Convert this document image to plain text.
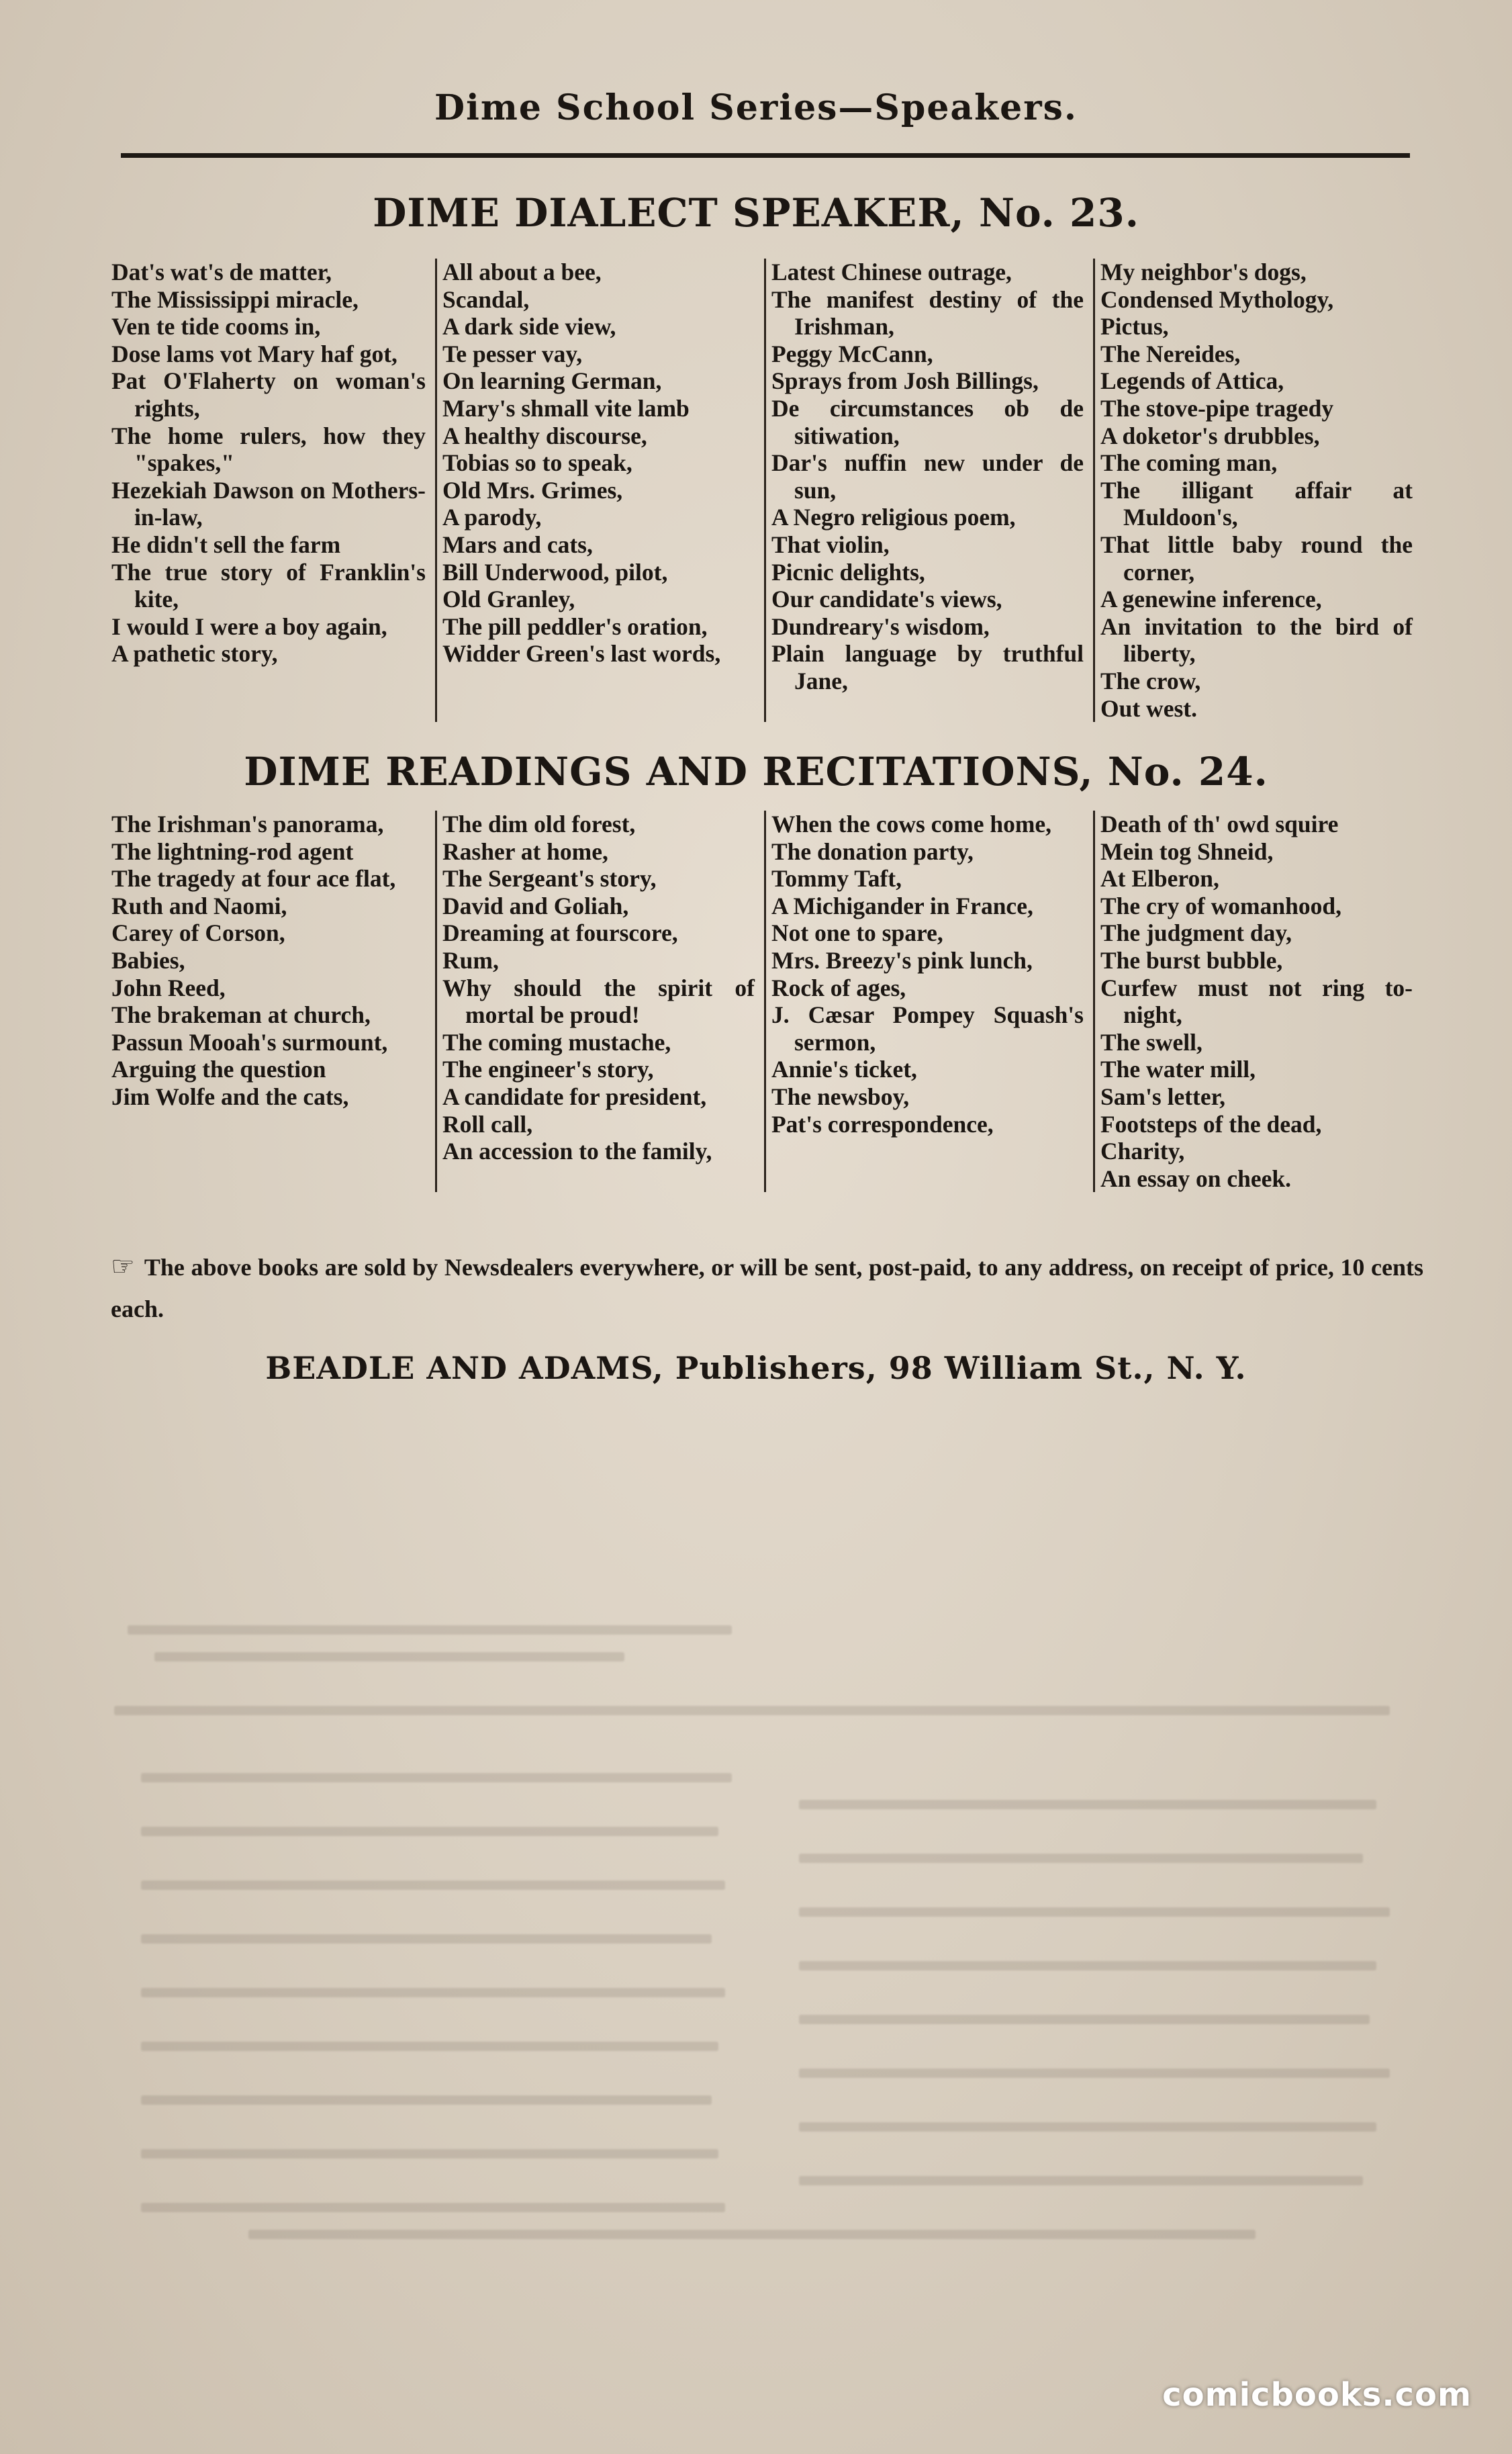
Dime School Series—Speakers.
DIME DIALECT SPEAKER, No. 23.
Dat's wat's de matter,
The Mississippi miracle,
Ven te tide cooms in,
Dose lams vot Mary haf got,
Pat O'Flaherty on woman's rights,
The home rulers, how they "spakes,"
Hezekiah Dawson on Mothers-in-law,
He didn't sell the farm
The true story of Franklin's kite,
I would I were a boy again,
A pathetic story,
All about a bee,
Scandal,
A dark side view,
Te pesser vay,
On learning German,
Mary's shmall vite lamb
A healthy discourse,
Tobias so to speak,
Old Mrs. Grimes,
A parody,
Mars and cats,
Bill Underwood, pilot,
Old Granley,
The pill peddler's oration,
Widder Green's last words,
Latest Chinese outrage,
The manifest destiny of the Irishman,
Peggy McCann,
Sprays from Josh Billings,
De circumstances ob de sitiwation,
Dar's nuffin new under de sun,
A Negro religious poem,
That violin,
Picnic delights,
Our candidate's views,
Dundreary's wisdom,
Plain language by truthful Jane,
My neighbor's dogs,
Condensed Mythology,
Pictus,
The Nereides,
Legends of Attica,
The stove-pipe tragedy
A doketor's drubbles,
The coming man,
The illigant affair at Muldoon's,
That little baby round the corner,
A genewine inference,
An invitation to the bird of liberty,
The crow,
Out west.
DIME READINGS AND RECITATIONS, No. 24.
The Irishman's panorama,
The lightning-rod agent
The tragedy at four ace flat,
Ruth and Naomi,
Carey of Corson,
Babies,
John Reed,
The brakeman at church,
Passun Mooah's surmount,
Arguing the question
Jim Wolfe and the cats,
The dim old forest,
Rasher at home,
The Sergeant's story,
David and Goliah,
Dreaming at fourscore,
Rum,
Why should the spirit of mortal be proud!
The coming mustache,
The engineer's story,
A candidate for president,
Roll call,
An accession to the family,
When the cows come home,
The donation party,
Tommy Taft,
A Michigander in France,
Not one to spare,
Mrs. Breezy's pink lunch,
Rock of ages,
J. Cæsar Pompey Squash's sermon,
Annie's ticket,
The newsboy,
Pat's correspondence,
Death of th' owd squire
Mein tog Shneid,
At Elberon,
The cry of womanhood,
The judgment day,
The burst bubble,
Curfew must not ring to-night,
The swell,
The water mill,
Sam's letter,
Footsteps of the dead,
Charity,
An essay on cheek.
☞ The above books are sold by Newsdealers everywhere, or will be sent, post-paid, to any address, on receipt of price, 10 cents each.
BEADLE AND ADAMS, Publishers, 98 William St., N. Y.
comicbooks.com
